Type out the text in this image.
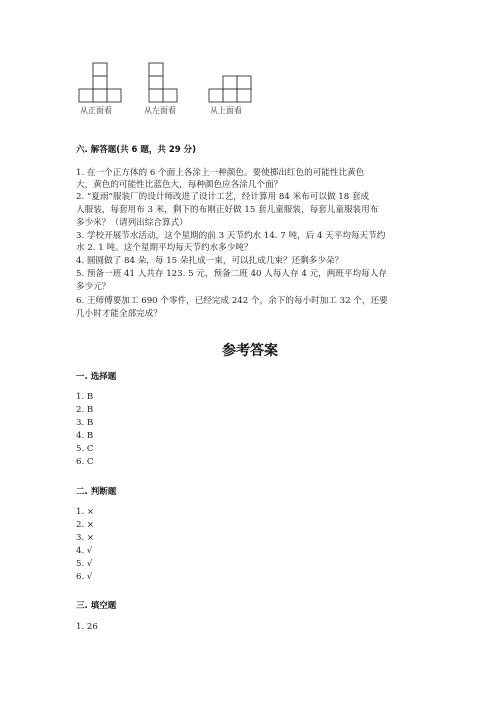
从正面看	从左面看	从上面看
六. 解答题(共 6 题，共 29 分)
1. 在一个正方体的 6 个面上各涂上一种颜色。要使掷出红色的可能性比黄色
大，黄色的可能性比蓝色大，每种颜色应各涂几个面？
2. “夏雨”服装厂的设计师改进了设计工艺，经计算用 84 米布可以做 18 套成
人服装，每套用布 3 米，剩下的布刚正好做 15 套儿童服装，每套儿童服装用布
多少米？（请列出综合算式）
3. 学校开展节水活动，这个星期的前 3 天节约水 14. 7 吨，后 4 天平均每天节约
水 2. 1 吨。这个星期平均每天节约水多少吨？
4. 圆圆做了 84 朵，每 15 朵扎成一束，可以扎成几束？还剩多少朵？
5. 预备一班 41 人共存 123. 5 元，预备二班 40 人每人存 4 元，两班平均每人存
多少元？
6. 王师傅要加工 690 个零件，已经完成 242 个，余下的每小时加工 32 个，还要
几小时才能全部完成？
参考答案
一. 选择题
1. B
2. B
3. B
4. B
5. C
6. C
二. 判断题
1. ×
2. ×
3. ×
4. √
5. √
6. √
三. 填空题
1. 26
